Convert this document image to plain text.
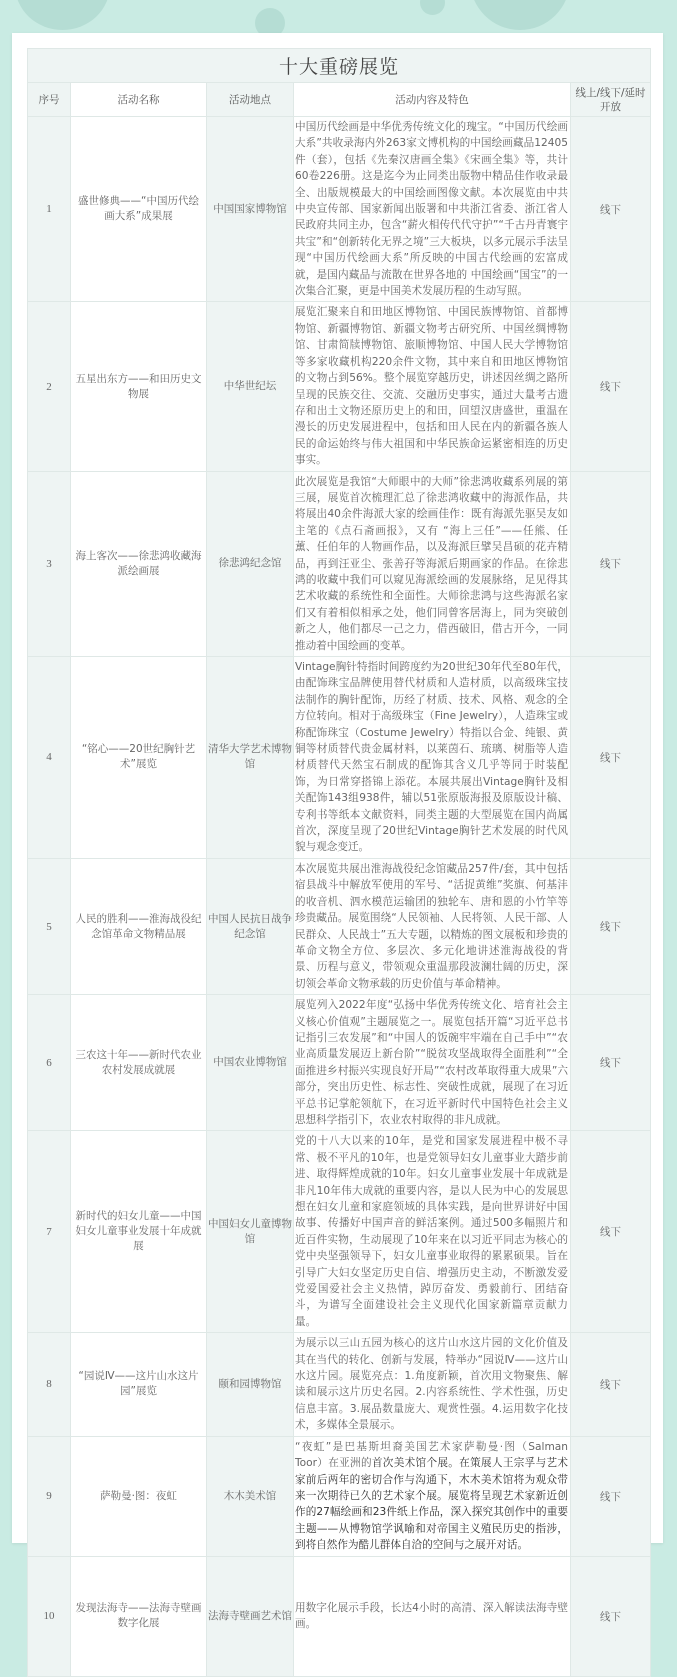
十大重磅展览				
序号	活动名称	活动地点	活动内容及特色	线上/线下/延时开放
1	盛世修典——“中国历代绘画大系”成果展	中国国家博物馆	中国历代绘画是中华优秀传统文化的瑰宝。“中国历代绘画大系”共收录海内外263家文博机构的中国绘画藏品12405件（套），包括《先秦汉唐画全集》《宋画全集》等，共计60卷226册。这是迄今为止同类出版物中精品佳作收录最全、出版规模最大的中国绘画图像文献。本次展览由中共中央宣传部、国家新闻出版署和中共浙江省委、浙江省人民政府共同主办，包含“薪火相传代代守护”“千古丹青寰宇共宝”和“创新转化无界之境”三大板块，以多元展示手法呈现“中国历代绘画大系”所反映的中国古代绘画的宏富成就，是国内藏品与流散在世界各地的 中国绘画“国宝”的一次集合汇聚，更是中国美术发展历程的生动写照。	线下
2	五星出东方——和田历史文物展	中华世纪坛	展览汇聚来自和田地区博物馆、中国民族博物馆、首都博物馆、新疆博物馆、新疆文物考古研究所、中国丝绸博物馆、甘肃简牍博物馆、旅顺博物馆、中国人民大学博物馆等多家收藏机构220余件文物，其中来自和田地区博物馆的文物占到56%。整个展览穿越历史，讲述因丝绸之路所呈现的民族交往、交流、交融历史事实，通过大量考古遗存和出土文物还原历史上的和田，回望汉唐盛世，重温在漫长的历史发展进程中，包括和田人民在内的新疆各族人民的命运始终与伟大祖国和中华民族命运紧密相连的历史事实。	线下
3	海上客次——徐悲鸿收藏海派绘画展	徐悲鸿纪念馆	此次展览是我馆“大师眼中的大师”徐悲鸿收藏系列展的第三展，展览首次梳理汇总了徐悲鸿收藏中的海派作品，共将展出40余件海派大家的绘画佳作：既有海派先驱吴友如主笔的《点石斋画报》，又有 “海上三任”——任熊、任薰、任伯年的人物画作品，以及海派巨擘吴昌硕的花卉精品，再到汪亚尘、张善孖等海派后期画家的作品。在徐悲鸿的收藏中我们可以窥见海派绘画的发展脉络，足见得其艺术收藏的系统性和全面性。大师徐悲鸿与这些海派名家们又有着相似相承之处，他们同曾客居海上，同为突破创新之人，他们都尽一己之力，借西破旧，借古开今，一同推动着中国绘画的变革。	线下
4	“铭心——20世纪胸针艺术”展览	清华大学艺术博物馆	Vintage胸针特指时间跨度约为20世纪30年代至80年代，由配饰珠宝品牌使用替代材质和人造材质，以高级珠宝技法制作的胸针配饰，历经了材质、技术、风格、观念的全方位转向。相对于高级珠宝（Fine Jewelry），人造珠宝或称配饰珠宝（Costume Jewelry）特指以合金、纯银、黄铜等材质替代贵金属材料，以莱茵石、琉璃、树脂等人造材质替代天然宝石制成的配饰其含义几乎等同于时装配饰，为日常穿搭锦上添花。本展共展出Vintage胸针及相关配饰143组938件，辅以51张原版海报及原版设计稿、专利书等纸本文献资料，同类主题的大型展览在国内尚属首次，深度呈现了20世纪Vintage胸针艺术发展的时代风貌与观念变迁。	线下
5	人民的胜利——淮海战役纪念馆革命文物精品展	中国人民抗日战争纪念馆	本次展览共展出淮海战役纪念馆藏品257件/套，其中包括宿县战斗中解放军使用的军号、“活捉黄维”奖旗、何基沣的收音机、泗水模范运输团的独轮车、唐和恩的小竹竿等珍贵藏品。展览围绕“人民领袖、人民将领、人民干部、人民群众、人民战士”五大专题，以精炼的图文展板和珍贵的革命文物全方位、多层次、多元化地讲述淮海战役的背景、历程与意义，带领观众重温那段波澜壮阔的历史，深切领会革命文物承载的历史价值与革命精神。	线下
6	三农这十年——新时代农业农村发展成就展	中国农业博物馆	展览列入2022年度“弘扬中华优秀传统文化、培育社会主义核心价值观”主题展览之一。展览包括开篇“习近平总书记指引三农发展”和“中国人的饭碗牢牢端在自己手中”“农业高质量发展迈上新台阶”“脱贫攻坚战取得全面胜利”“全面推进乡村振兴实现良好开局”“农村改革取得重大成果”六部分，突出历史性、标志性、突破性成就，展现了在习近平总书记掌舵领航下，在习近平新时代中国特色社会主义思想科学指引下，农业农村取得的非凡成就。	线下
7	新时代的妇女儿童——中国妇女儿童事业发展十年成就展	中国妇女儿童博物馆	党的十八大以来的10年，是党和国家发展进程中极不寻常、极不平凡的10年，也是党领导妇女儿童事业大踏步前进、取得辉煌成就的10年。妇女儿童事业发展十年成就是非凡10年伟大成就的重要内容，是以人民为中心的发展思想在妇女儿童和家庭领域的具体实践，是向世界讲好中国故事、传播好中国声音的鲜活案例。通过500多幅照片和近百件实物，生动展现了10年来在以习近平同志为核心的党中央坚强领导下，妇女儿童事业取得的累累硕果。旨在引导广大妇女坚定历史自信、增强历史主动，不断激发爱党爱国爱社会主义热情，踔厉奋发、勇毅前行、团结奋斗，为谱写全面建设社会主义现代化国家新篇章贡献力量。	线下
8	“园说Ⅳ——这片山水这片园”展览	颐和园博物馆	为展示以三山五园为核心的这片山水这片园的文化价值及其在当代的转化、创新与发展，特举办“园说Ⅳ——这片山水这片园。展览亮点：1.角度新颖，首次用文物聚焦、解读和展示这片历史名园。2.内容系统性、学术性强，历史信息丰富。3.展品数量庞大、观赏性强。4.运用数字化技术，多媒体全景展示。	线下
9	萨勒曼·图：夜虹	木木美术馆	“夜虹”是巴基斯坦裔美国艺术家萨勒曼·图（Salman Toor）在亚洲的首次美术馆个展。在策展人王宗孚与艺术家前后两年的密切合作与沟通下，木木美术馆将为观众带来一次期待已久的艺术家个展。展览将呈现艺术家新近创作的27幅绘画和23件纸上作品，深入探究其创作中的重要主题——从博物馆学讽喻和对帝国主义殖民历史的指涉，到将自然作为酷儿群体自洽的空间与之展开对话。	线下
10	发现法海寺——法海寺壁画数字化展	法海寺壁画艺术馆	用数字化展示手段，长达4小时的高清、深入解读法海寺壁画。	线下
